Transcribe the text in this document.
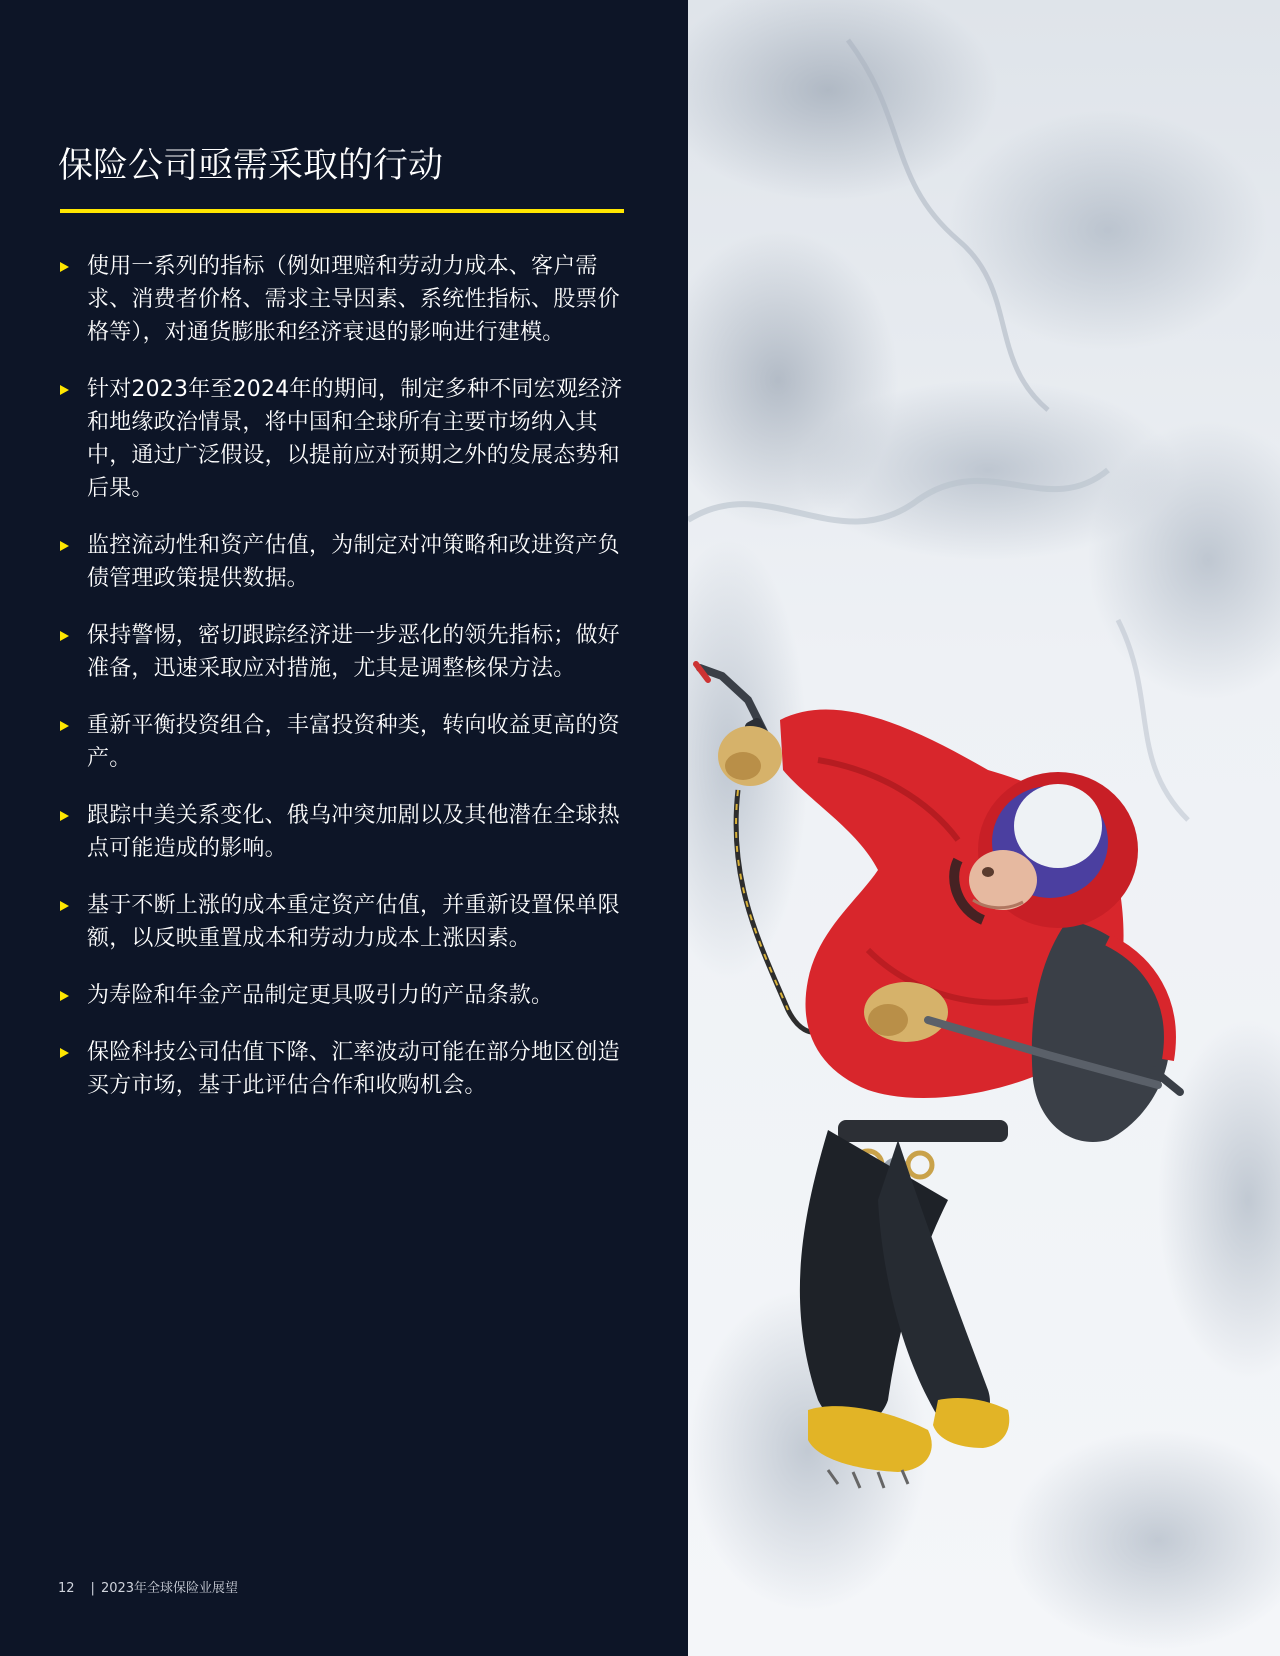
保险公司亟需采取的行动
使用一系列的指标（例如理赔和劳动力成本、客户需求、消费者价格、需求主导因素、系统性指标、股票价格等），对通货膨胀和经济衰退的影响进行建模。
针对2023年至2024年的期间，制定多种不同宏观经济和地缘政治情景，将中国和全球所有主要市场纳入其中，通过广泛假设，以提前应对预期之外的发展态势和后果。
监控流动性和资产估值，为制定对冲策略和改进资产负债管理政策提供数据。
保持警惕，密切跟踪经济进一步恶化的领先指标；做好准备，迅速采取应对措施，尤其是调整核保方法。
重新平衡投资组合，丰富投资种类，转向收益更高的资产。
跟踪中美关系变化、俄乌冲突加剧以及其他潜在全球热点可能造成的影响。
基于不断上涨的成本重定资产估值，并重新设置保单限额，以反映重置成本和劳动力成本上涨因素。
为寿险和年金产品制定更具吸引力的产品条款。
保险科技公司估值下降、汇率波动可能在部分地区创造买方市场，基于此评估合作和收购机会。
12 | 2023年全球保险业展望
